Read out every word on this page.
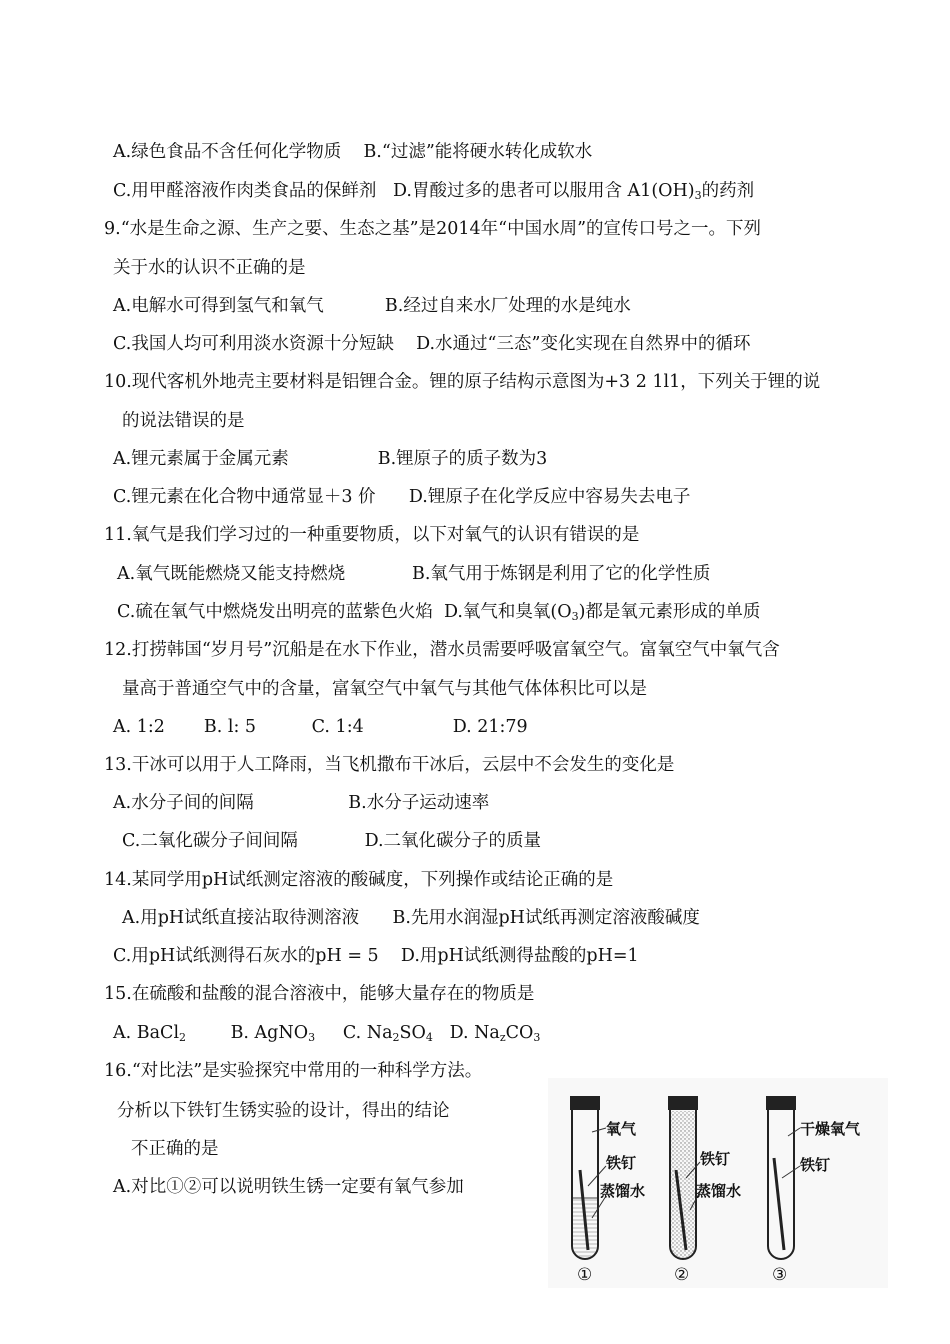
A.绿色食品不含任何化学物质    B.“过滤”能将硬水转化成软水
C.用甲醛溶液作肉类食品的保鲜剂   D.胃酸过多的患者可以服用含 $A1(OH)_3$的药剂
9.“水是生命之源、生产之要、生态之基”是2014年“中国水周”的宣传口号之一。下列
关于水的认识不正确的是
A.电解水可得到氢气和氧气           B.经过自来水厂处理的水是纯水
C.我国人均可利用淡水资源十分短缺    D.水通过“三态”变化实现在自然界中的循环
10.现代客机外地壳主要材料是铝锂合金。锂的原子结构示意图为+3 2 1l1，下列关于锂的说
的说法错误的是
A.锂元素属于金属元素                B.锂原子的质子数为3
C.锂元素在化合物中通常显＋3 价      D.锂原子在化学反应中容易失去电子
11.氧气是我们学习过的一种重要物质，以下对氧气的认识有错误的是
A.氧气既能燃烧又能支持燃烧            B.氧气用于炼钢是利用了它的化学性质
C.硫在氧气中燃烧发出明亮的蓝紫色火焰  D.氧气和臭氧$(O_3)$都是氧元素形成的单质
12.打捞韩国“岁月号”沉船是在水下作业，潜水员需要呼吸富氧空气。富氧空气中氧气含
量高于普通空气中的含量，富氧空气中氧气与其他气体体积比可以是
A. 1:2       B. l: 5          C. 1:4                D. 21:79
13.干冰可以用于人工降雨，当飞机撒布干冰后，云层中不会发生的变化是
A.水分子间的间隔                 B.水分子运动速率
C.二氧化碳分子间间隔            D.二氧化碳分子的质量
14.某同学用pH试纸测定溶液的酸碱度，下列操作或结论正确的是
A.用pH试纸直接沾取待测溶液      B.先用水润湿pH试纸再测定溶液酸碱度
C.用pH试纸测得石灰水的pH = 5    D.用pH试纸测得盐酸的pH=1
15.在硫酸和盐酸的混合溶液中，能够大量存在的物质是
A. BaCl$_2$	B. AgNO$_3$ C. $Na_2SO_4$ D. $Na_zCO_3$
16.“对比法”是实验探究中常用的一种科学方法。
分析以下铁钉生锈实验的设计，得出的结论
不正确的是
A.对比①②可以说明铁生锈一定要有氧气参加
氧气
铁钉
蒸馏水
①
铁钉
蒸馏水
②
干燥氧气
铁钉
③
